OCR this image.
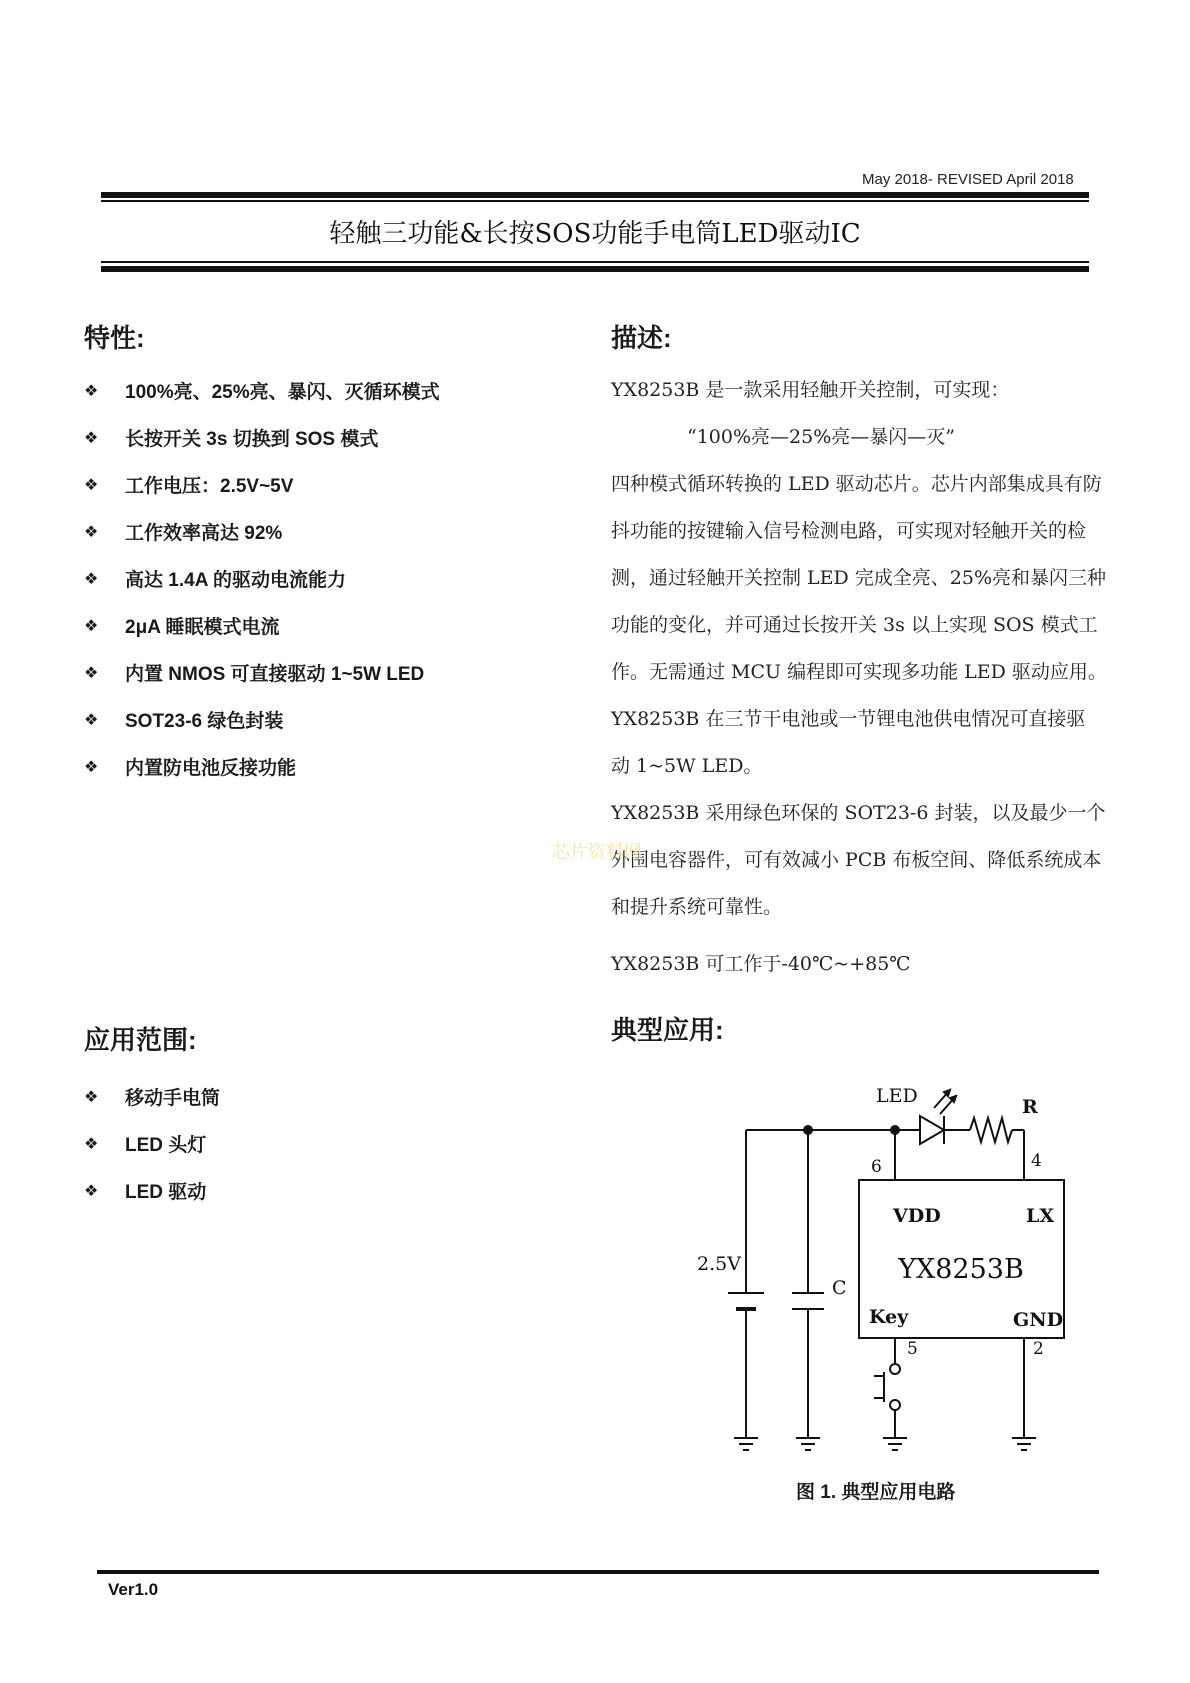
May 2018- REVISED April 2018
轻触三功能&长按SOS功能手电筒LED驱动IC
特性:
❖	100%亮、25%亮、暴闪、灭循环模式
❖	长按开关 3s 切换到 SOS 模式
❖	工作电压：2.5V~5V
❖	工作效率高达 92%
❖	高达 1.4A 的驱动电流能力
❖	2μA 睡眠模式电流
❖	内置 NMOS 可直接驱动 1~5W LED
❖	SOT23-6 绿色封装
❖	内置防电池反接功能
描述:

YX8253B 是一款采用轻触开关控制，可实现：

“100%亮—25%亮—暴闪—灭”

四种模式循环转换的 LED 驱动芯片。芯片内部集成具有防

抖功能的按键输入信号检测电路，可实现对轻触开关的检

测，通过轻触开关控制 LED 完成全亮、25%亮和暴闪三种

功能的变化，并可通过长按开关 3s 以上实现 SOS 模式工

作。无需通过 MCU 编程即可实现多功能 LED 驱动应用。

YX8253B 在三节干电池或一节锂电池供电情况可直接驱

动 1~5W LED。

YX8253B 采用绿色环保的 SOT23-6 封装，以及最少一个

外围电容器件，可有效减小 PCB 布板空间、降低系统成本

和提升系统可靠性。

YX8253B 可工作于-40℃~+85℃

芯片资料网
应用范围:
❖	移动手电筒
❖	LED 头灯
❖	LED 驱动
典型应用:
LED	R
6	4
VDD	LX
YX8253B
Key	GND
5	2
2.5V
C
图 1. 典型应用电路
Ver1.0
